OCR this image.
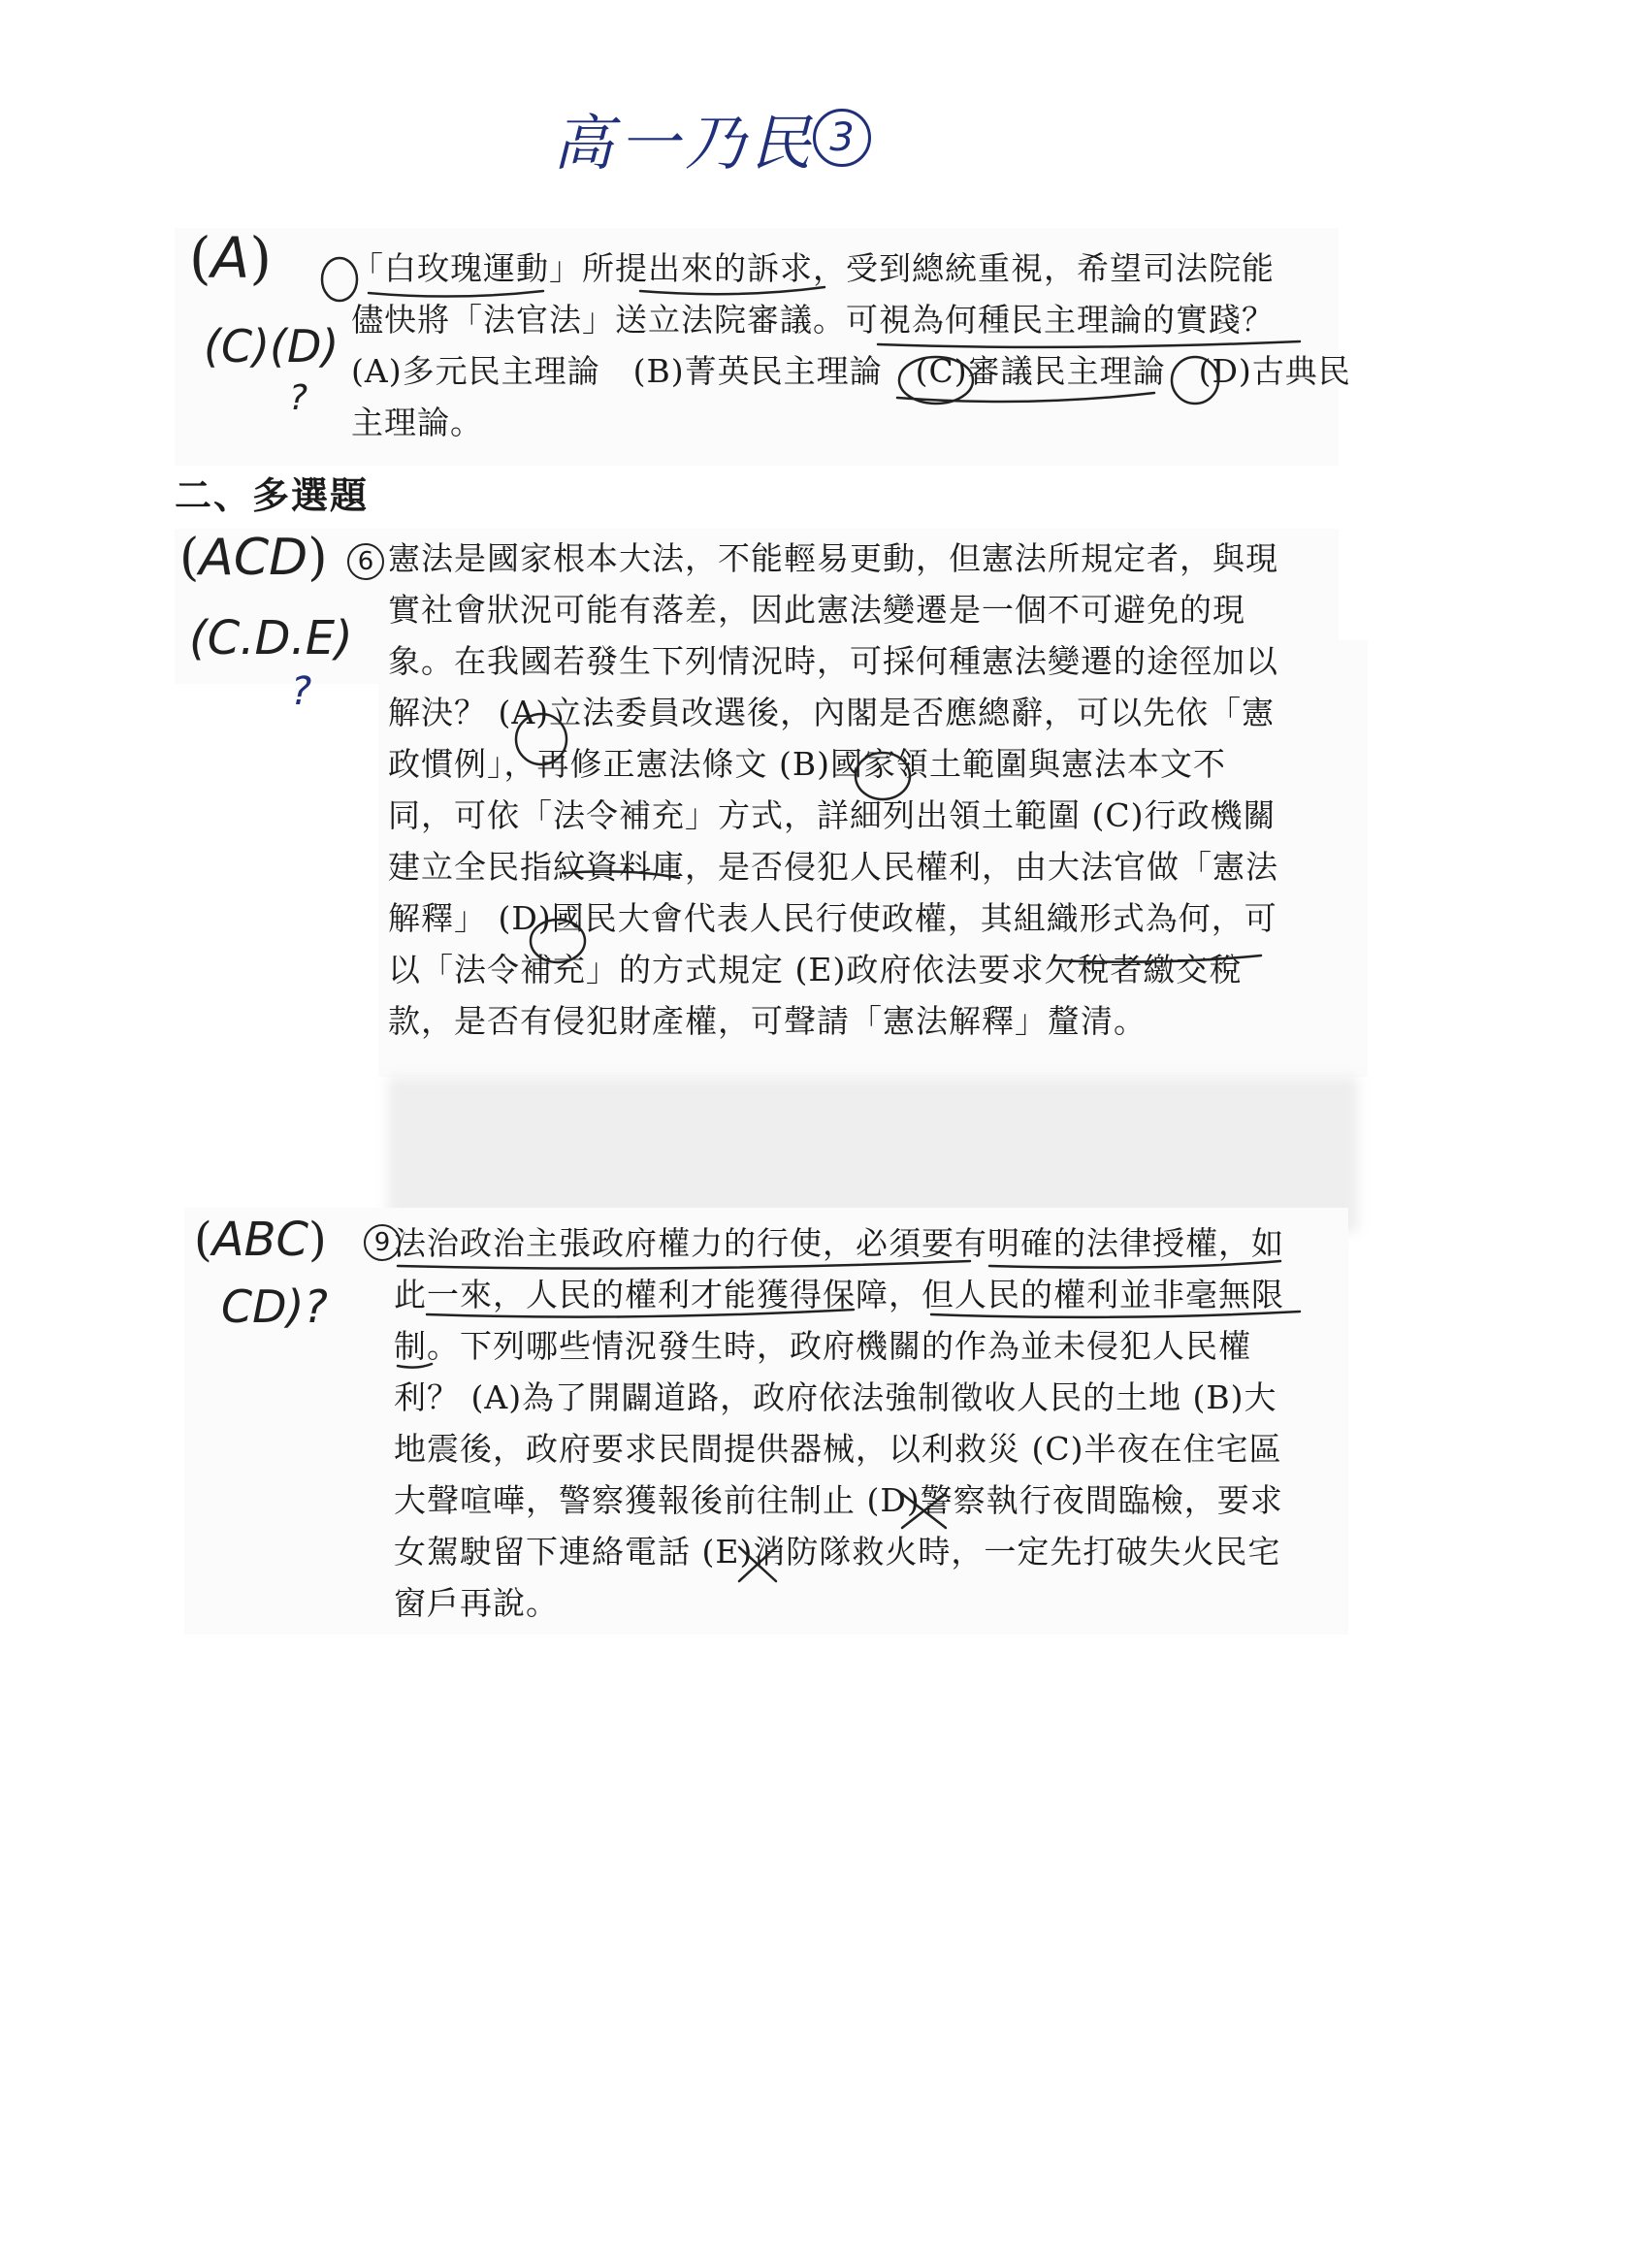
高一乃民 3
(A)
(C)(D)
?
「白玫瑰運動」所提出來的訴求，受到總統重視，希望司法院能
儘快將「法官法」送立法院審議。可視為何種民主理論的實踐？
(A)多元民主理論　(B)菁英民主理論　(C)審議民主理論　(D)古典民
主理論。
二、多選題
(ACD)
(C.D.E)
?
6 憲法是國家根本大法，不能輕易更動，但憲法所規定者，與現
實社會狀況可能有落差，因此憲法變遷是一個不可避免的現
象。在我國若發生下列情況時，可採何種憲法變遷的途徑加以
解決？ (A)立法委員改選後，內閣是否應總辭，可以先依「憲
政慣例」，再修正憲法條文 (B)國家領土範圍與憲法本文不
同，可依「法令補充」方式，詳細列出領土範圍 (C)行政機關
建立全民指紋資料庫，是否侵犯人民權利，由大法官做「憲法
解釋」 (D)國民大會代表人民行使政權，其組織形式為何，可
以「法令補充」的方式規定 (E)政府依法要求欠稅者繳交稅
款，是否有侵犯財產權，可聲請「憲法解釋」釐清。
(ABC)
CD)?
9 法治政治主張政府權力的行使，必須要有明確的法律授權，如
此一來，人民的權利才能獲得保障，但人民的權利並非毫無限
制。下列哪些情況發生時，政府機關的作為並未侵犯人民權
利？ (A)為了開闢道路，政府依法強制徵收人民的土地 (B)大
地震後，政府要求民間提供器械，以利救災 (C)半夜在住宅區
大聲喧嘩，警察獲報後前往制止 (D)警察執行夜間臨檢，要求
女駕駛留下連絡電話 (E)消防隊救火時，一定先打破失火民宅
窗戶再說。
